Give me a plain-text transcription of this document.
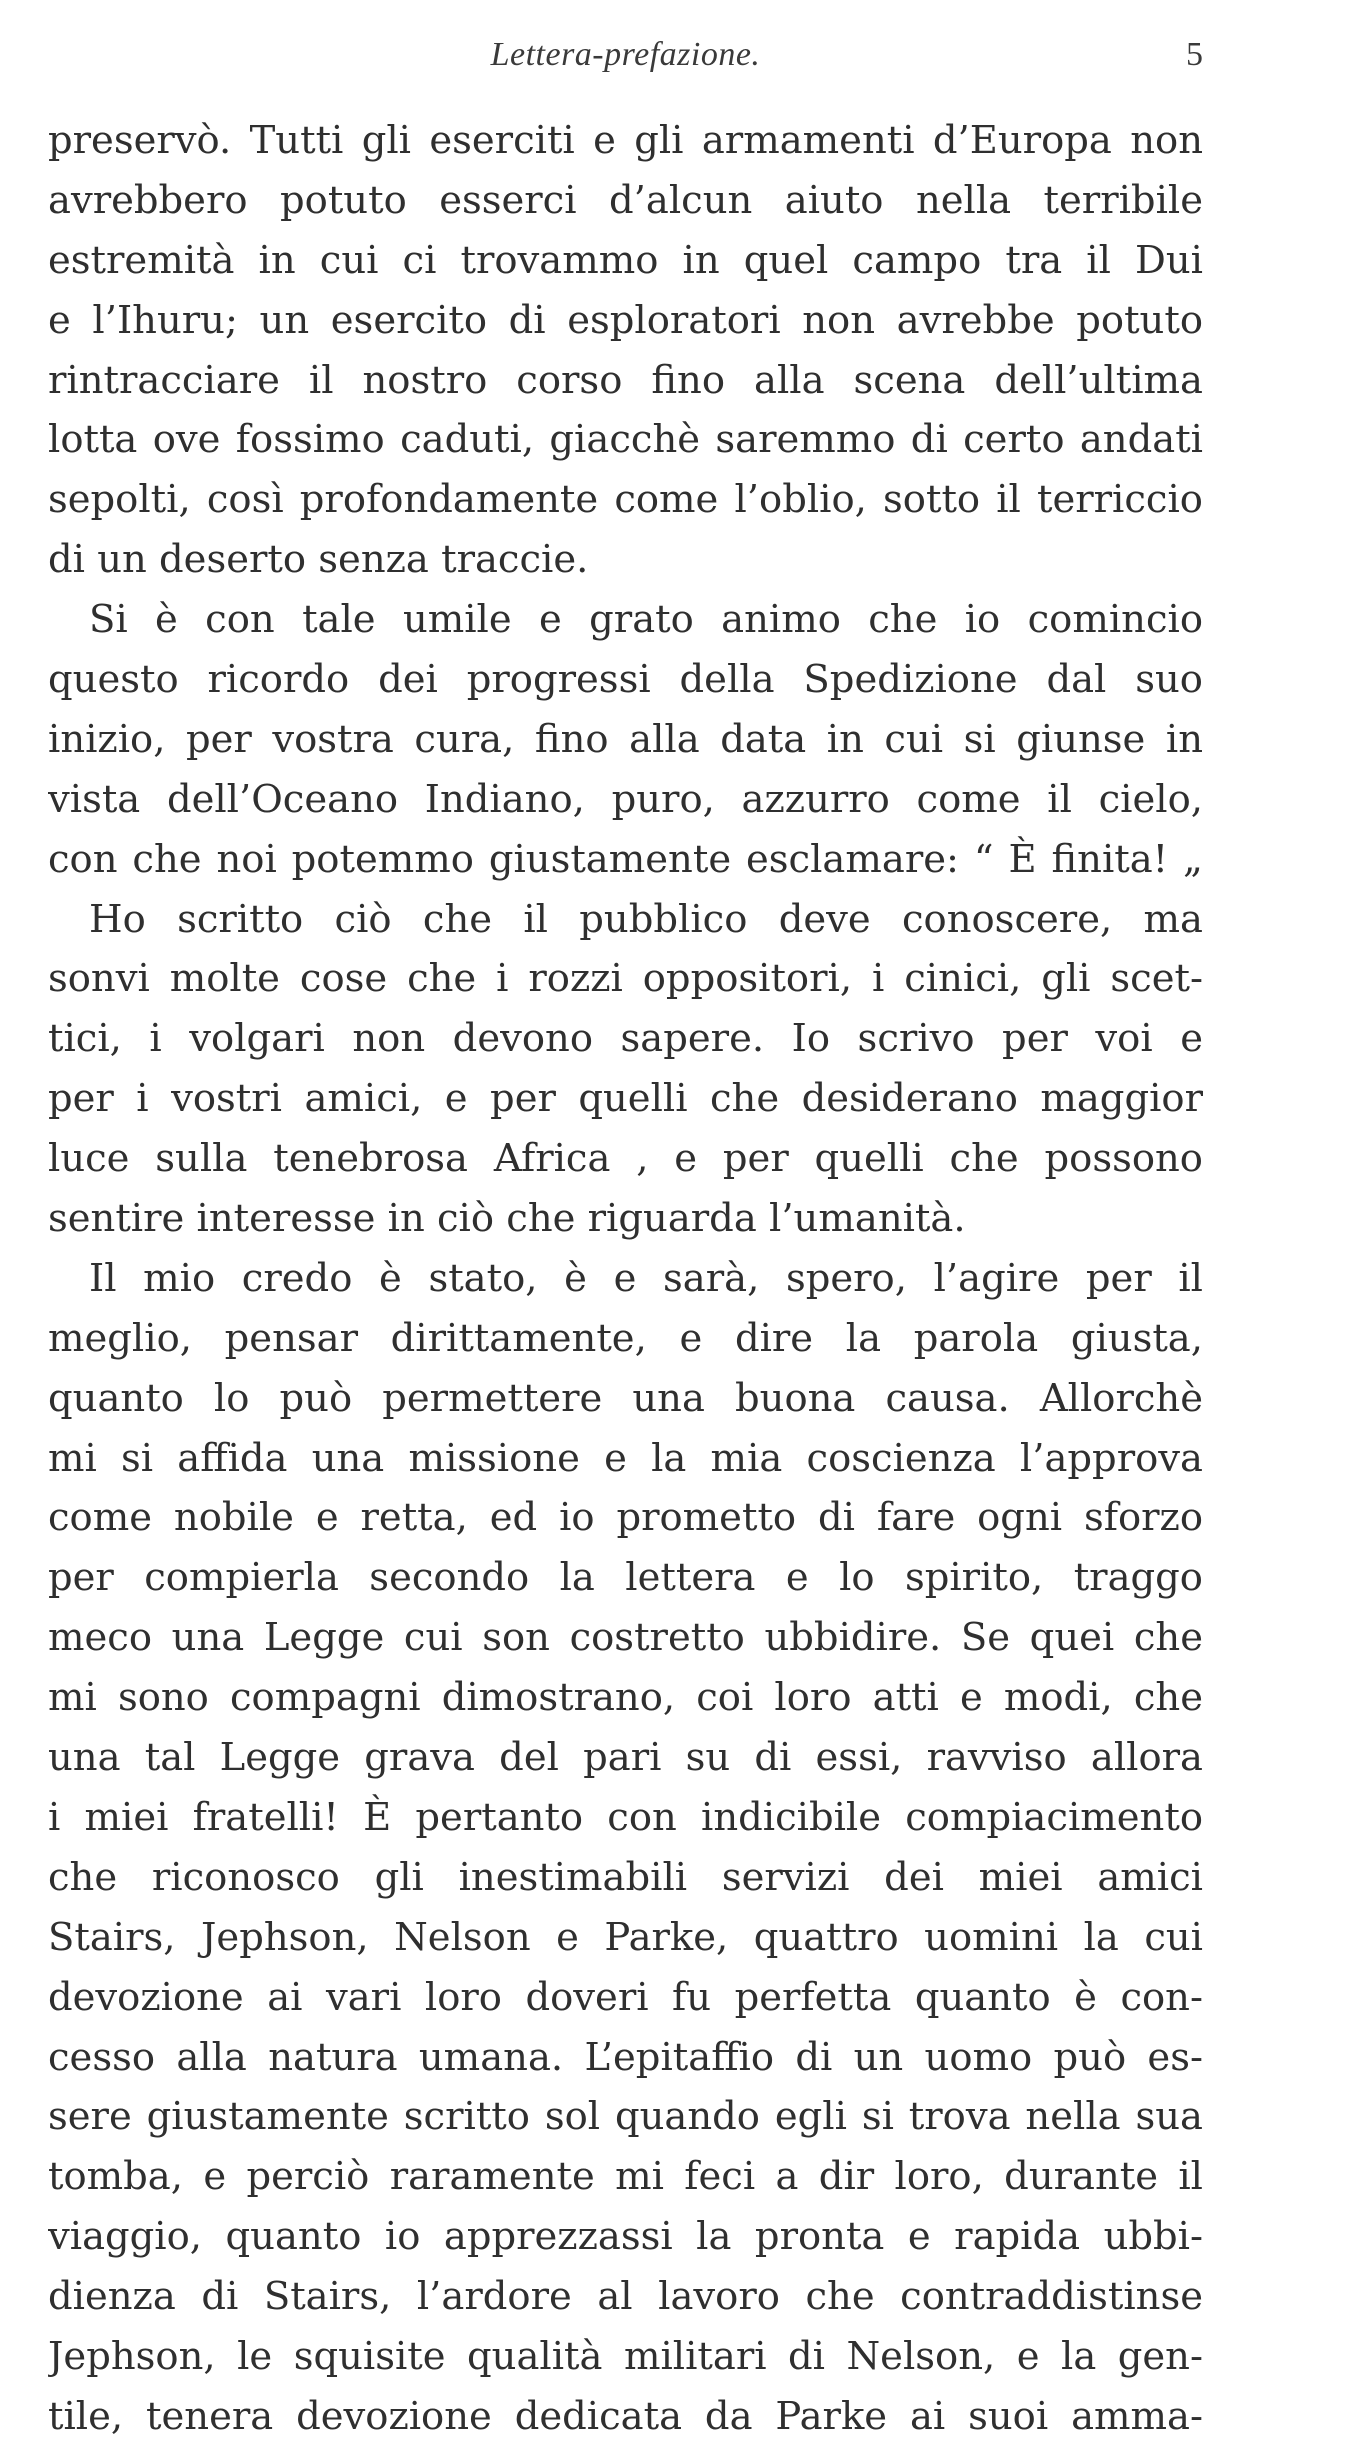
Lettera-prefazione.	5
preservò. Tutti gli eserciti e gli armamenti d’Europa non
avrebbero potuto esserci d’alcun aiuto nella terribile
estremità in cui ci trovammo in quel campo tra il Dui
e l’Ihuru; un esercito di esploratori non avrebbe potuto
rintracciare il nostro corso fino alla scena dell’ultima
lotta ove fossimo caduti, giacchè saremmo di certo andati
sepolti, così profondamente come l’oblio, sotto il terriccio
di un deserto senza traccie.
Si è con tale umile e grato animo che io comincio
questo ricordo dei progressi della Spedizione dal suo
inizio, per vostra cura, fino alla data in cui si giunse in
vista dell’Oceano Indiano, puro, azzurro come il cielo,
con che noi potemmo giustamente esclamare: “ È finita! „
Ho scritto ciò che il pubblico deve conoscere, ma
sonvi molte cose che i rozzi oppositori, i cinici, gli scet-
tici, i volgari non devono sapere. Io scrivo per voi e
per i vostri amici, e per quelli che desiderano maggior
luce sulla tenebrosa Africa , e per quelli che possono
sentire interesse in ciò che riguarda l’umanità.
Il mio credo è stato, è e sarà, spero, l’agire per il
meglio, pensar dirittamente, e dire la parola giusta,
quanto lo può permettere una buona causa. Allorchè
mi si affida una missione e la mia coscienza l’approva
come nobile e retta, ed io prometto di fare ogni sforzo
per compierla secondo la lettera e lo spirito, traggo
meco una Legge cui son costretto ubbidire. Se quei che
mi sono compagni dimostrano, coi loro atti e modi, che
una tal Legge grava del pari su di essi, ravviso allora
i miei fratelli! È pertanto con indicibile compiacimento
che riconosco gli inestimabili servizi dei miei amici
Stairs, Jephson, Nelson e Parke, quattro uomini la cui
devozione ai vari loro doveri fu perfetta quanto è con-
cesso alla natura umana. L’epitaffio di un uomo può es-
sere giustamente scritto sol quando egli si trova nella sua
tomba, e perciò raramente mi feci a dir loro, durante il
viaggio, quanto io apprezzassi la pronta e rapida ubbi-
dienza di Stairs, l’ardore al lavoro che contraddistinse
Jephson, le squisite qualità militari di Nelson, e la gen-
tile, tenera devozione dedicata da Parke ai suoi amma-
